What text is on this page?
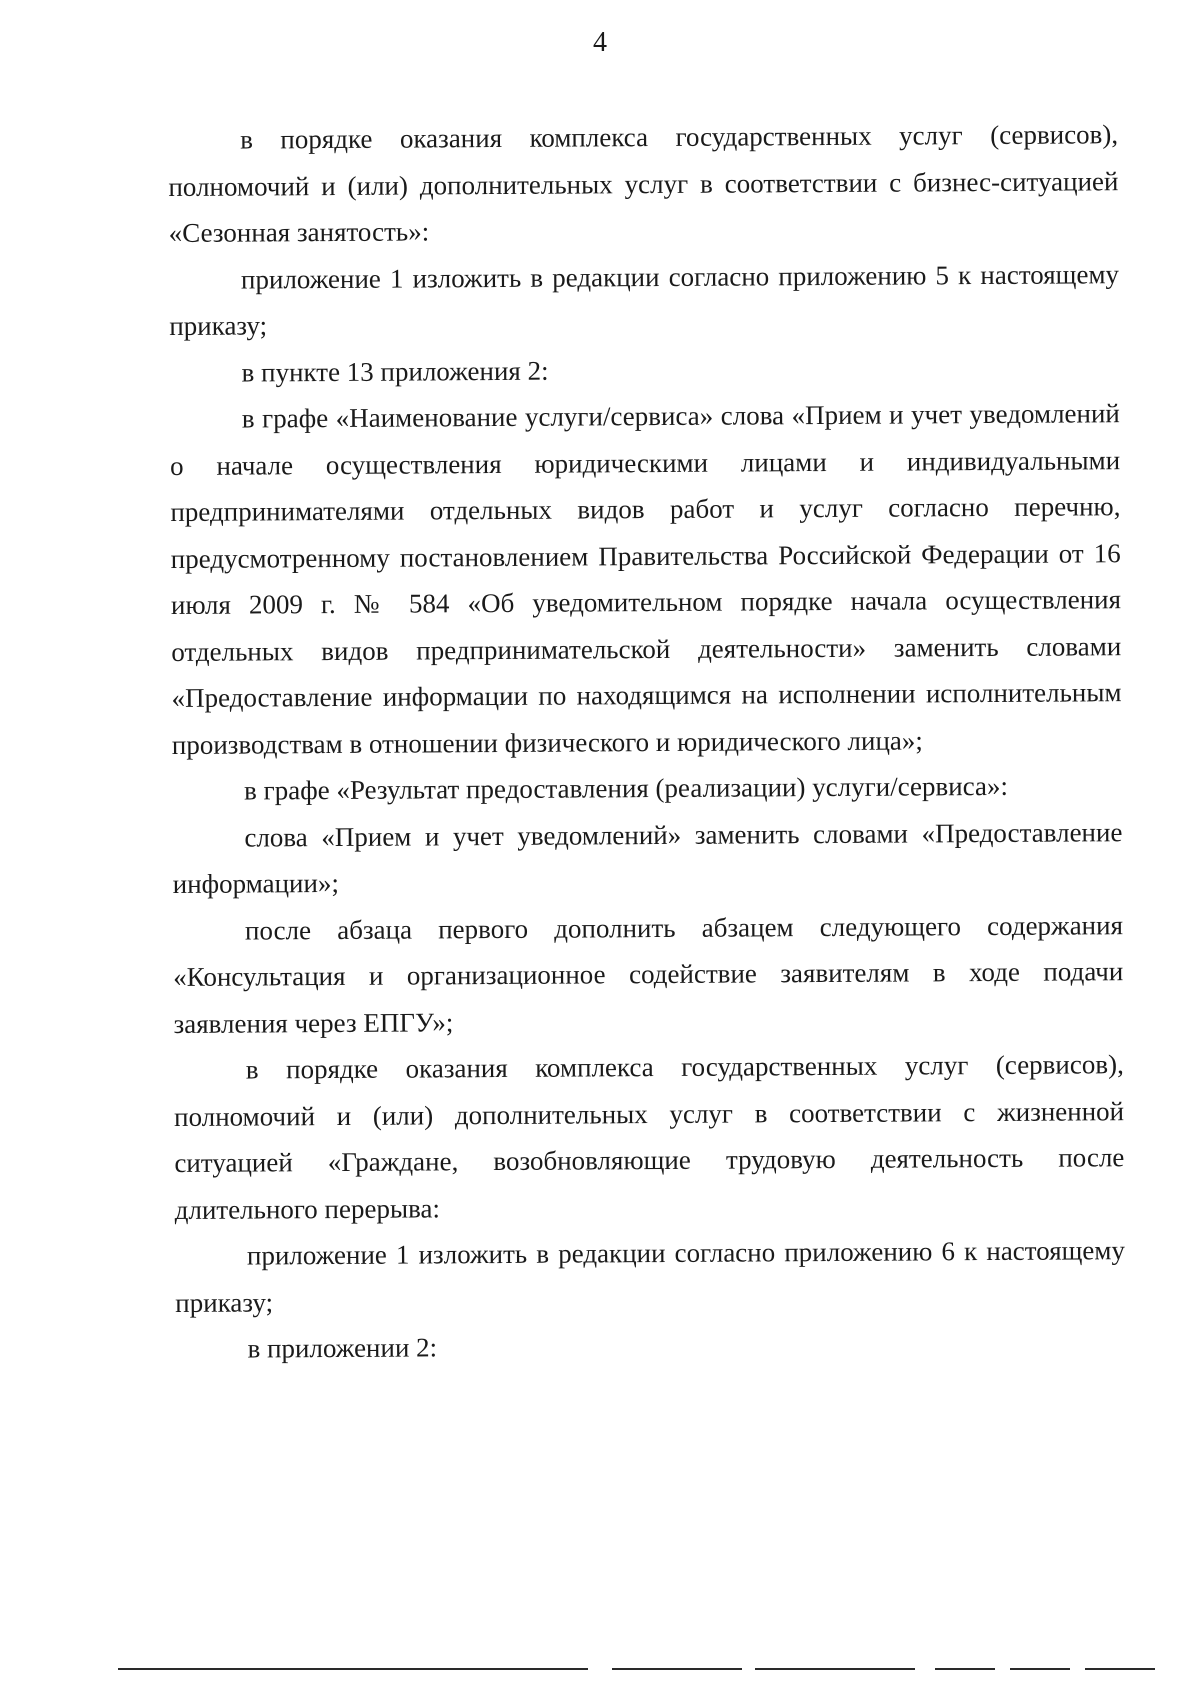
4

в порядке оказания комплекса государственных услуг (сервисов), полномочий и (или) дополнительных услуг в соответствии с бизнес-ситуацией «Сезонная занятость»:

приложение 1 изложить в редакции согласно приложению 5 к настоящему приказу;

в пункте 13 приложения 2:

в графе «Наименование услуги/сервиса» слова «Прием и учет уведомлений о начале осуществления юридическими лицами и индивидуальными предпринимателями отдельных видов работ и услуг согласно перечню, предусмотренному постановлением Правительства Российской Федерации от 16 июля 2009 г. № 584 «Об уведомительном порядке начала осуществления отдельных видов предпринимательской деятельности» заменить словами «Предоставление информации по находящимся на исполнении исполнительным производствам в отношении физического и юридического лица»;

в графе «Результат предоставления (реализации) услуги/сервиса»:

слова «Прием и учет уведомлений» заменить словами «Предоставление информации»;

после абзаца первого дополнить абзацем следующего содержания «Консультация и организационное содействие заявителям в ходе подачи заявления через ЕПГУ»;

в порядке оказания комплекса государственных услуг (сервисов), полномочий и (или) дополнительных услуг в соответствии с жизненной ситуацией «Граждане, возобновляющие трудовую деятельность после длительного перерыва:

приложение 1 изложить в редакции согласно приложению 6 к настоящему приказу;

в приложении 2:
